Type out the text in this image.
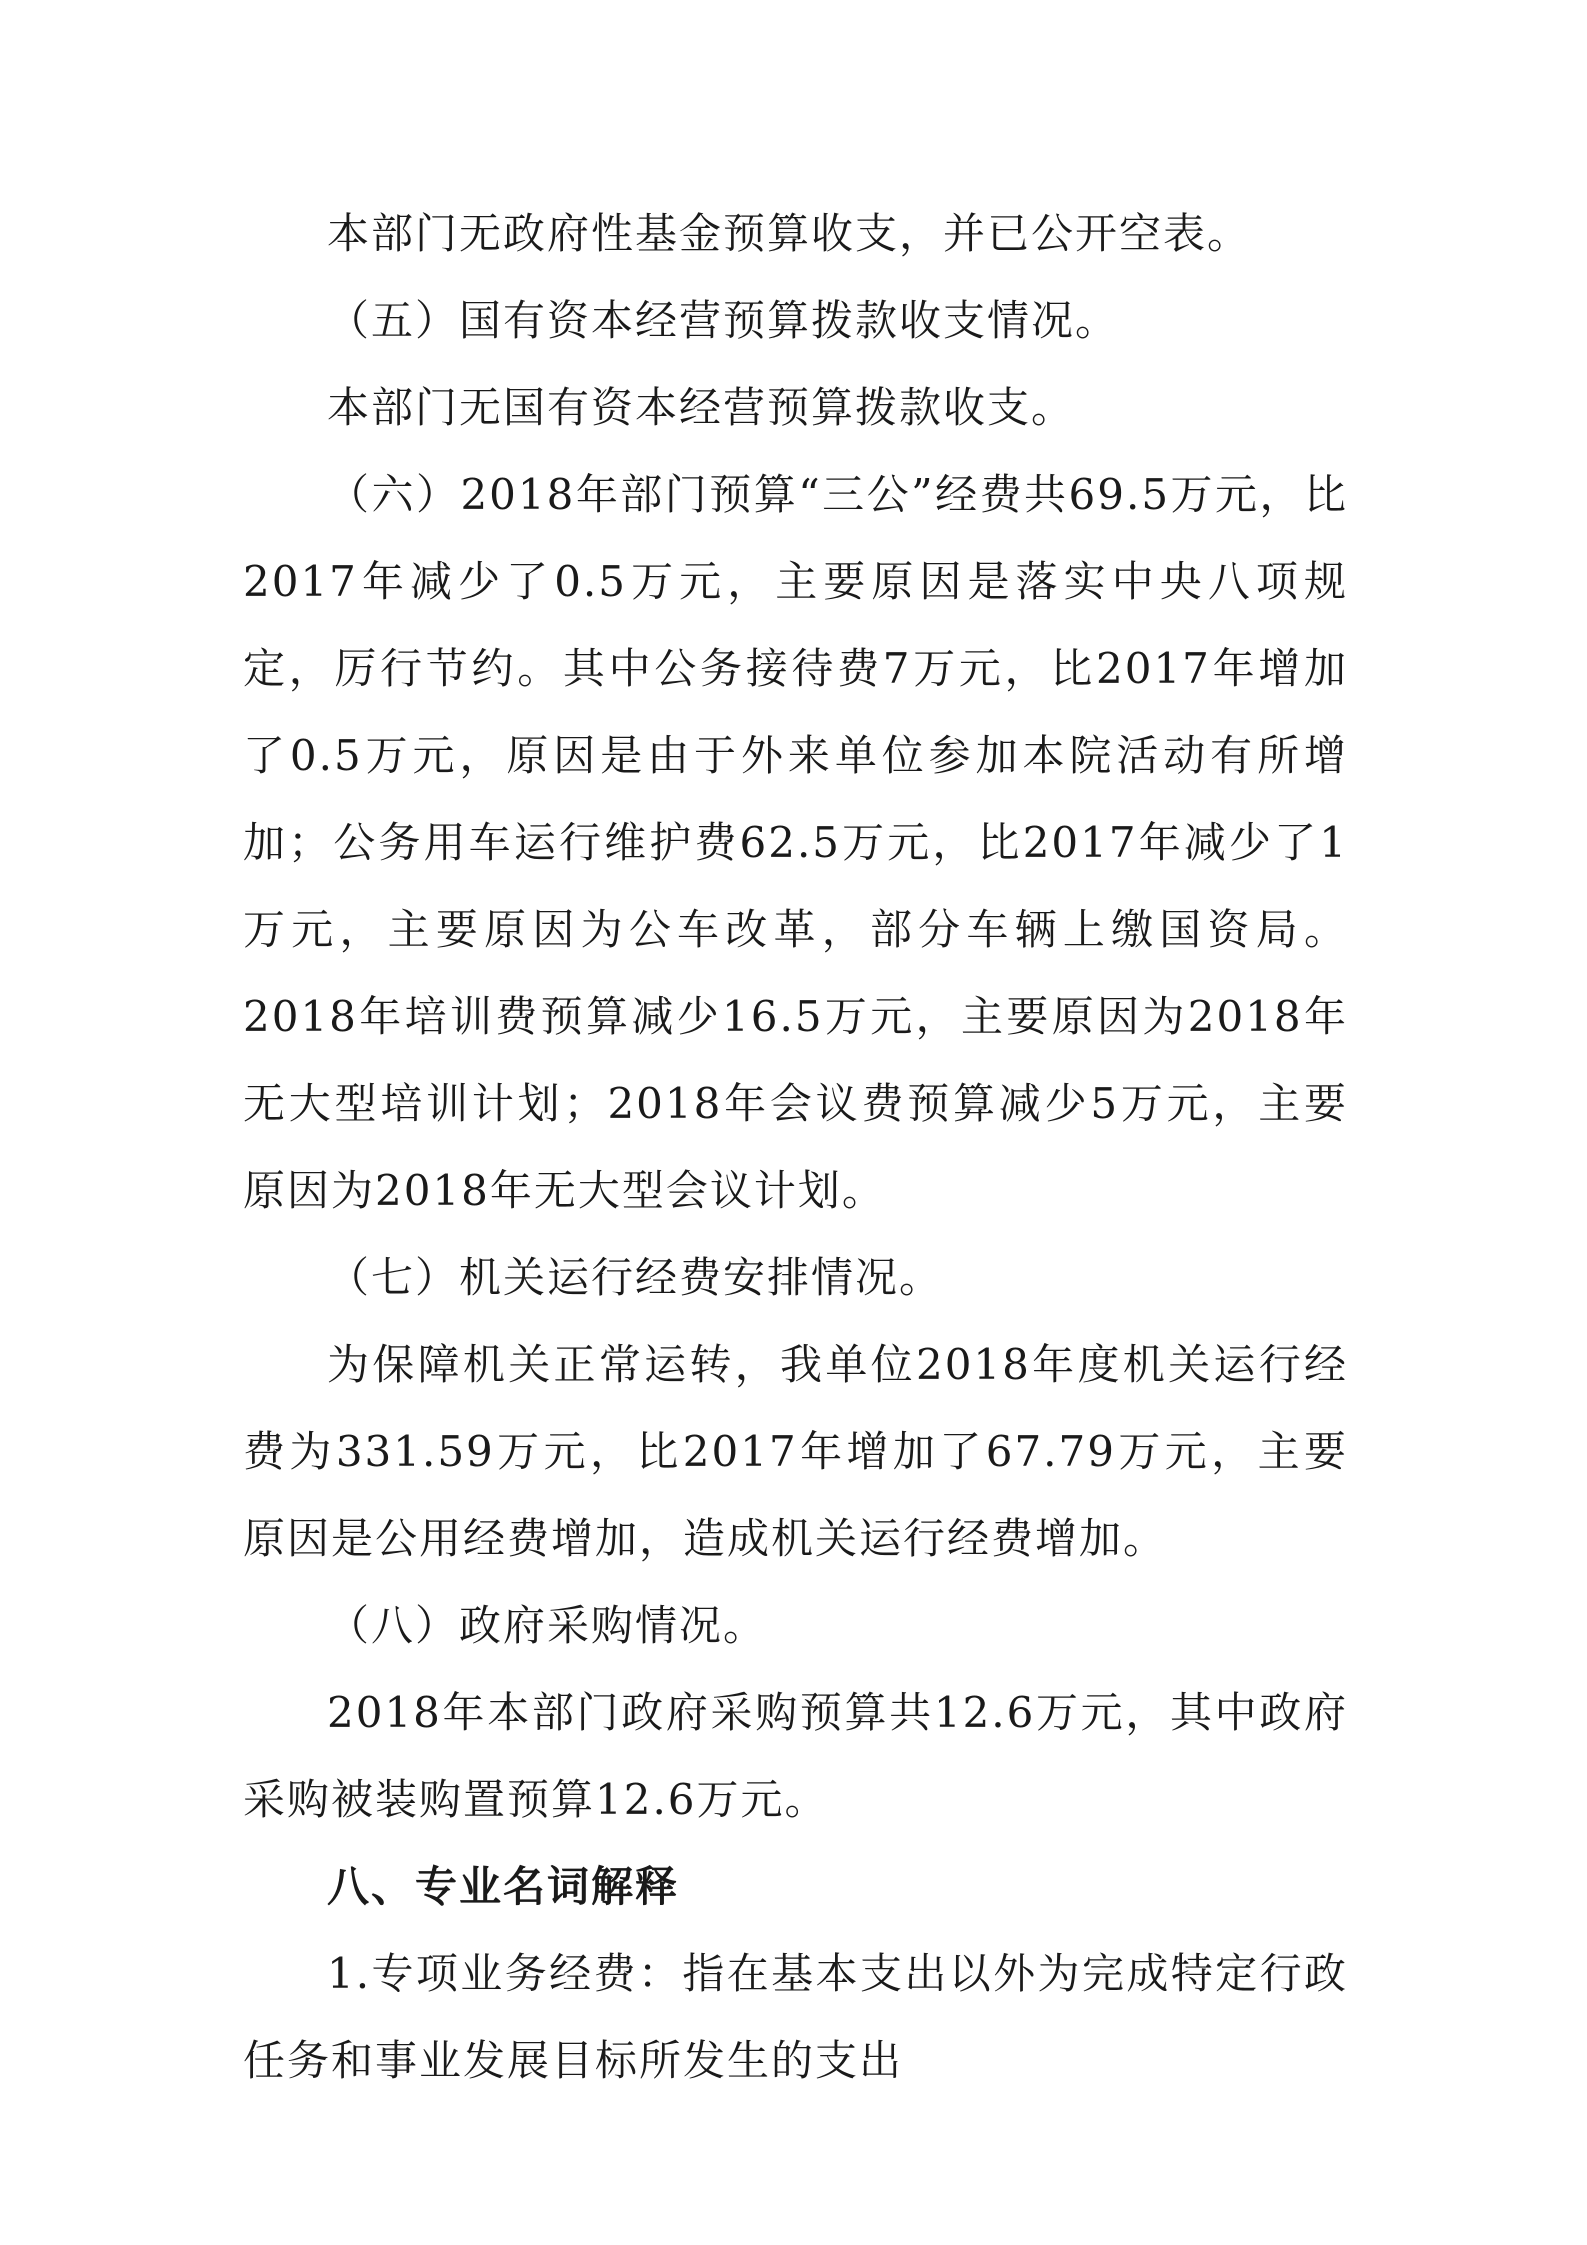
本部门无政府性基金预算收支，并已公开空表。

（五）国有资本经营预算拨款收支情况。

本部门无国有资本经营预算拨款收支。

（六）2018年部门预算“三公”经费共69.5万元，比2017年减少了0.5万元，主要原因是落实中央八项规定，厉行节约。其中公务接待费7万元，比2017年增加了0.5万元，原因是由于外来单位参加本院活动有所增加；公务用车运行维护费62.5万元，比2017年减少了1万元，主要原因为公车改革，部分车辆上缴国资局。2018年培训费预算减少16.5万元，主要原因为2018年无大型培训计划；2018年会议费预算减少5万元，主要原因为2018年无大型会议计划。

（七）机关运行经费安排情况。

为保障机关正常运转，我单位2018年度机关运行经费为331.59万元，比2017年增加了67.79万元，主要原因是公用经费增加，造成机关运行经费增加。

（八）政府采购情况。

2018年本部门政府采购预算共12.6万元，其中政府采购被装购置预算12.6万元。

八、专业名词解释

1.专项业务经费：指在基本支出以外为完成特定行政任务和事业发展目标所发生的支出
